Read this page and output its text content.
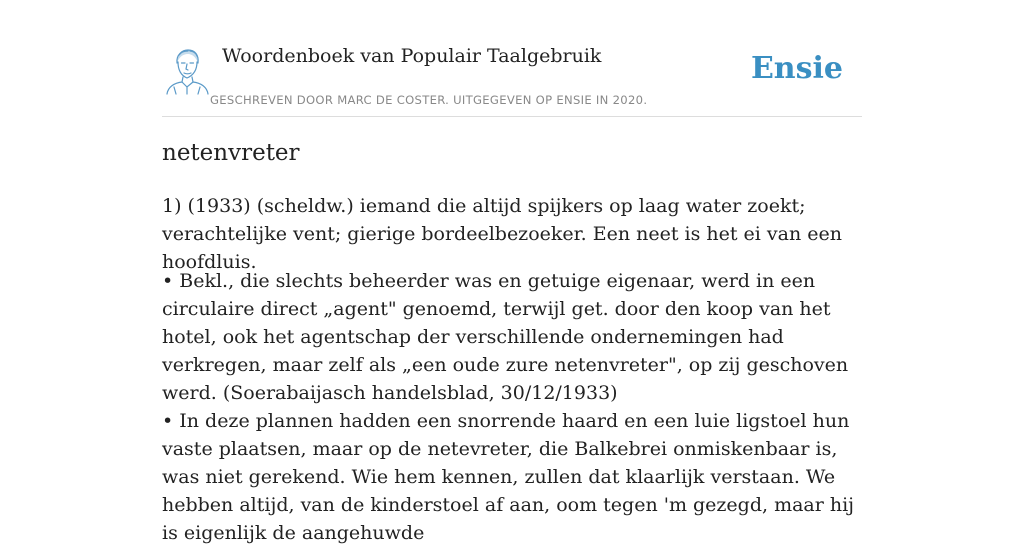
Woordenboek van Populair Taalgebruik
GESCHREVEN DOOR MARC DE COSTER. UITGEGEVEN OP ENSIE IN 2020.
Ensie
netenvreter

1) (1933) (scheldw.) iemand die altijd spijkers op laag water zoekt; verachtelijke vent; gierige bordeelbezoeker. Een neet is het ei van een hoofdluis.

• Bekl., die slechts beheerder was en getuige eigenaar, werd in een circulaire direct „agent" genoemd, terwijl get. door den koop van het hotel, ook het agentschap der verschillende ondernemingen had verkregen, maar zelf als „een oude zure netenvreter", op zij geschoven werd. (Soerabaijasch handelsblad, 30/12/1933)

• In deze plannen hadden een snorrende haard en een luie ligstoel hun vaste plaatsen, maar op de netevreter, die Balkebrei onmiskenbaar is, was niet gerekend. Wie hem kennen, zullen dat klaarlijk verstaan. We hebben altijd, van de kinderstoel af aan, oom tegen 'm gezegd, maar hij is eigenlijk de aangehuwde
